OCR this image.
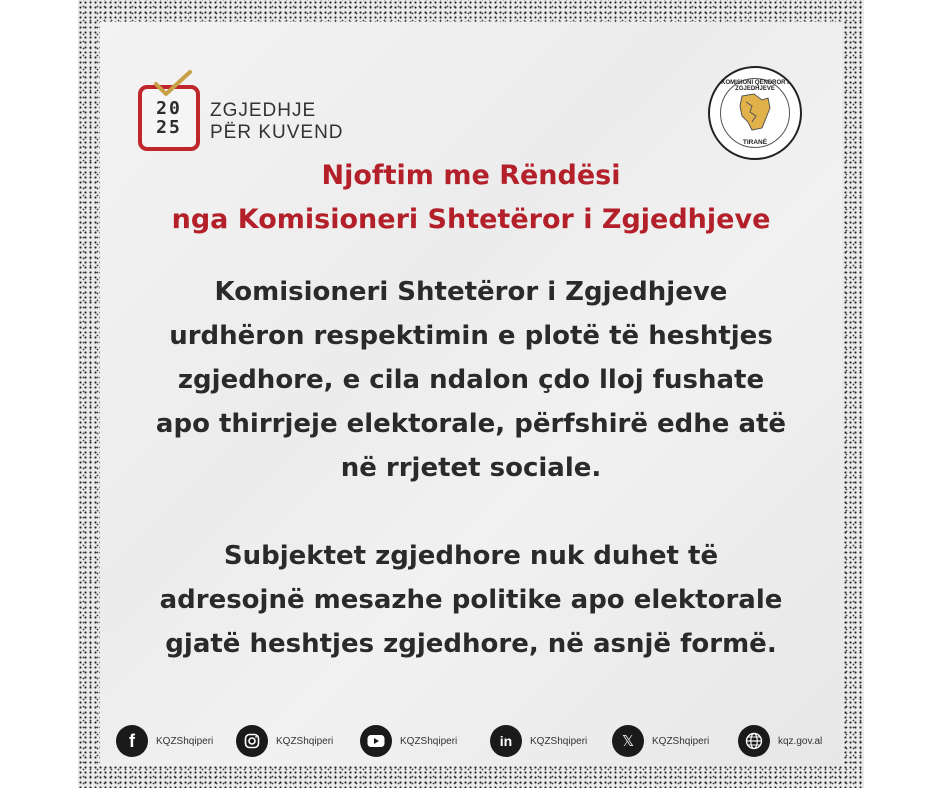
20
25
ZGJEDHJE
PËR KUVEND
KOMISIONI QENDROR I ZGJEDHJEVE
TIRANË
Njoftim me Rëndësi
nga Komisioneri Shtetëror i Zgjedhjeve
Komisioneri Shtetëror i Zgjedhjeve
urdhëron respektimin e plotë të heshtjes
zgjedhore, e cila ndalon çdo lloj fushate
apo thirrjeje elektorale, përfshirë edhe atë
në rrjetet sociale.
Subjektet zgjedhore nuk duhet të
adresojnë mesazhe politike apo elektorale
gjatë heshtjes zgjedhore, në asnjë formë.
f KQZShqiperi	KQZShqiperi	KQZShqiperi	in KQZShqiperi 𝕏 KQZShqiperi	kqz.gov.al
